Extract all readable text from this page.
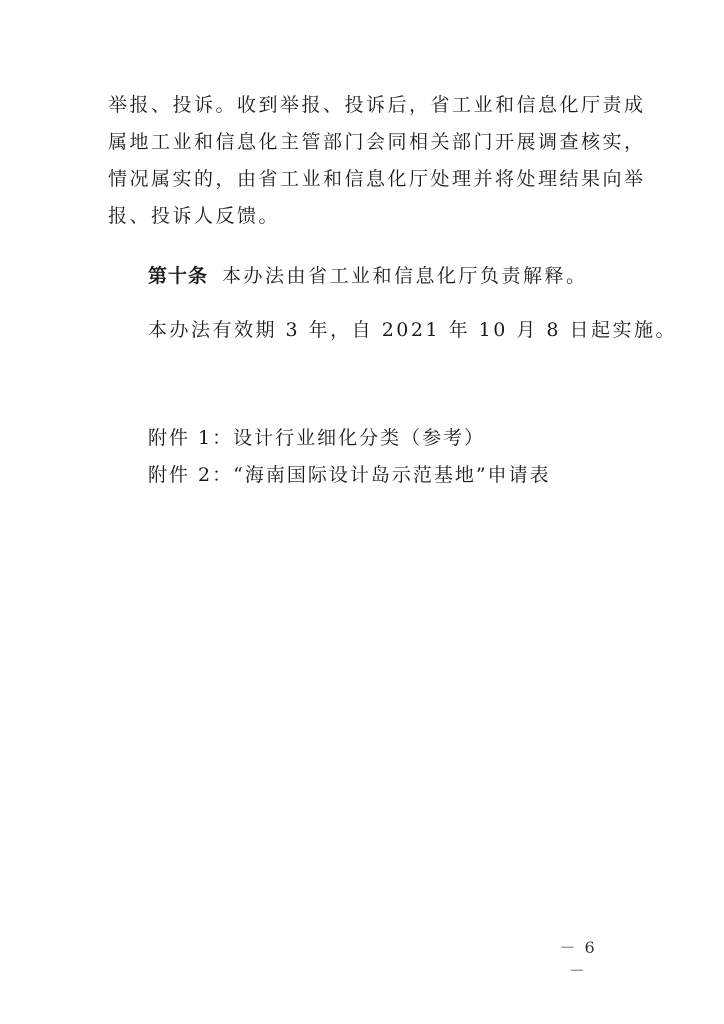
举报、投诉。收到举报、投诉后，省工业和信息化厅责成
属地工业和信息化主管部门会同相关部门开展调查核实，
情况属实的，由省工业和信息化厅处理并将处理结果向举
报、投诉人反馈。

第十条 本办法由省工业和信息化厅负责解释。

本办法有效期 3 年，自 2021 年 10 月 8 日起实施。

附件 1：设计行业细化分类（参考）
附件 2：“海南国际设计岛示范基地”申请表
－ 6 －
